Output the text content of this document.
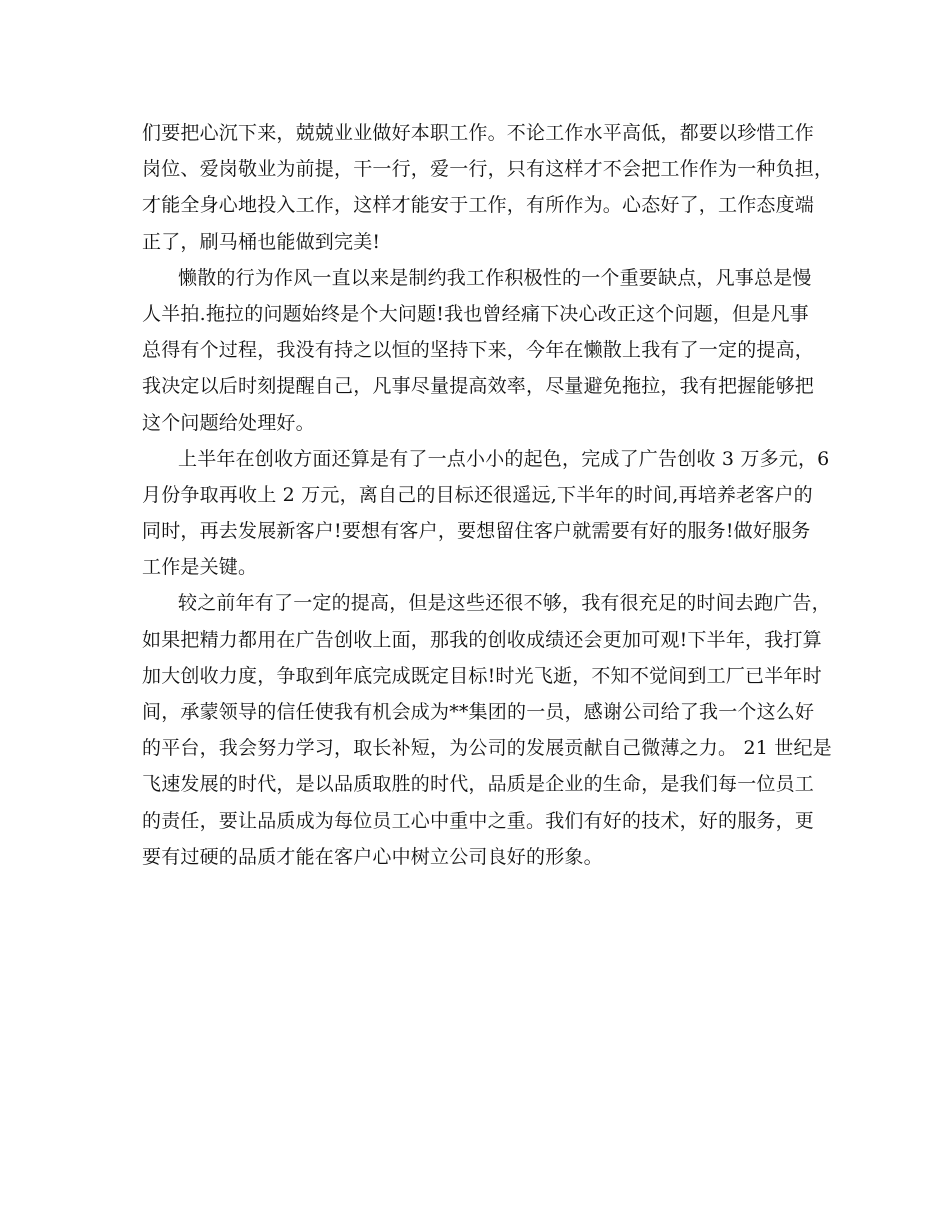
们要把心沉下来，兢兢业业做好本职工作。不论工作水平高低，都要以珍惜工作
岗位、爱岗敬业为前提，干一行，爱一行，只有这样才不会把工作作为一种负担，
才能全身心地投入工作，这样才能安于工作，有所作为。心态好了，工作态度端
正了，刷马桶也能做到完美!
懒散的行为作风一直以来是制约我工作积极性的一个重要缺点，凡事总是慢
人半拍.拖拉的问题始终是个大问题!我也曾经痛下决心改正这个问题，但是凡事
总得有个过程，我没有持之以恒的坚持下来，今年在懒散上我有了一定的提高，
我决定以后时刻提醒自己，凡事尽量提高效率，尽量避免拖拉，我有把握能够把
这个问题给处理好。
上半年在创收方面还算是有了一点小小的起色，完成了广告创收 3 万多元，6
月份争取再收上 2 万元，离自己的目标还很遥远,下半年的时间,再培养老客户的
同时，再去发展新客户!要想有客户，要想留住客户就需要有好的服务!做好服务
工作是关键。
较之前年有了一定的提高，但是这些还很不够，我有很充足的时间去跑广告，
如果把精力都用在广告创收上面，那我的创收成绩还会更加可观!下半年，我打算
加大创收力度，争取到年底完成既定目标!时光飞逝，不知不觉间到工厂已半年时
间，承蒙领导的信任使我有机会成为**集团的一员，感谢公司给了我一个这么好
的平台，我会努力学习，取长补短，为公司的发展贡献自己微薄之力。 21 世纪是
飞速发展的时代，是以品质取胜的时代，品质是企业的生命，是我们每一位员工
的责任，要让品质成为每位员工心中重中之重。我们有好的技术，好的服务，更
要有过硬的品质才能在客户心中树立公司良好的形象。
